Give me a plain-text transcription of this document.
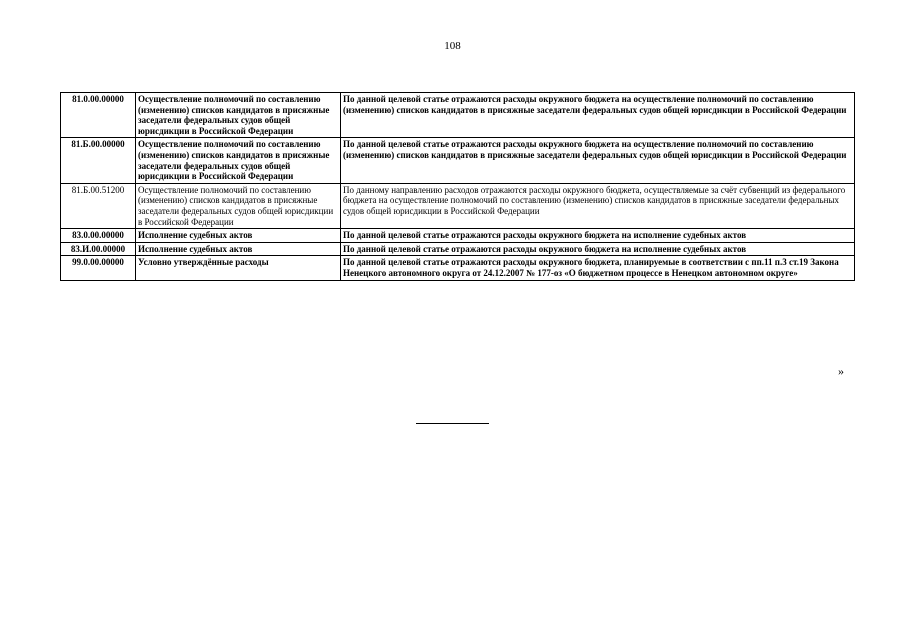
108
81.0.00.00000	Осуществление полномочий по составлению (изменению) списков кандидатов в присяжные заседатели федеральных судов общей юрисдикции в Российской Федерации	По данной целевой статье отражаются расходы окружного бюджета на осуществление полномочий по составлению (изменению) списков кандидатов в присяжные заседатели федеральных судов общей юрисдикции в Российской Федерации
81.Б.00.00000	Осуществление полномочий по составлению (изменению) списков кандидатов в присяжные заседатели федеральных судов общей юрисдикции в Российской Федерации	По данной целевой статье отражаются расходы окружного бюджета на осуществление полномочий по составлению (изменению) списков кандидатов в присяжные заседатели федеральных судов общей юрисдикции в Российской Федерации
81.Б.00.51200	Осуществление полномочий по составлению (изменению) списков кандидатов в присяжные заседатели федеральных судов общей юрисдикции в Российской Федерации	По данному направлению расходов отражаются расходы окружного бюджета, осуществляемые за счёт субвенций из федерального бюджета на осуществление полномочий по составлению (изменению) списков кандидатов в присяжные заседатели федеральных судов общей юрисдикции в Российской Федерации
83.0.00.00000	Исполнение судебных актов	По данной целевой статье отражаются расходы окружного бюджета на исполнение судебных актов
83.И.00.00000	Исполнение судебных актов	По данной целевой статье отражаются расходы окружного бюджета на исполнение судебных актов
99.0.00.00000	Условно утверждённые расходы	По данной целевой статье отражаются расходы окружного бюджета, планируемые в соответствии с пп.11 п.3 ст.19 Закона Ненецкого автономного округа от 24.12.2007 № 177-оз «О бюджетном процессе в Ненецком автономном округе»
»
